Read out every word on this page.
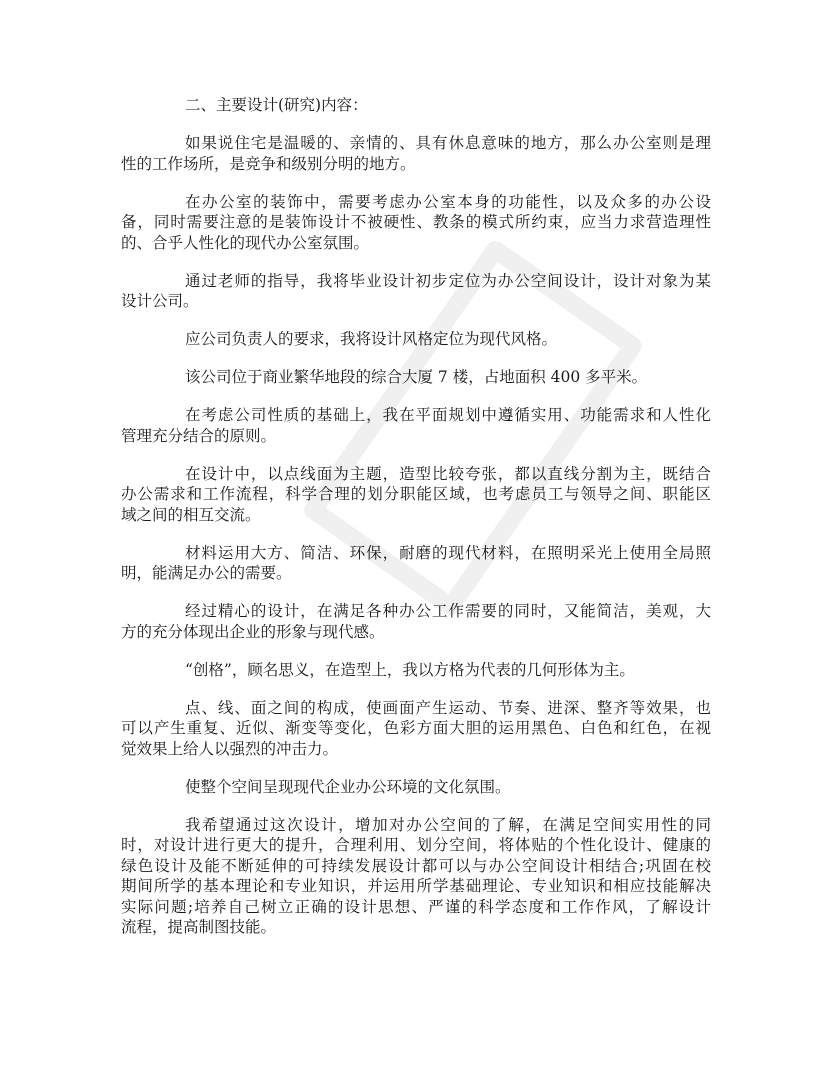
二、主要设计(研究)内容：
如果说住宅是温暖的、亲情的、具有休息意味的地方，那么办公室则是理
性的工作场所，是竞争和级别分明的地方。
在办公室的装饰中，需要考虑办公室本身的功能性，以及众多的办公设
备，同时需要注意的是装饰设计不被硬性、教条的模式所约束，应当力求营造理性
的、合乎人性化的现代办公室氛围。
通过老师的指导，我将毕业设计初步定位为办公空间设计，设计对象为某
设计公司。
应公司负责人的要求，我将设计风格定位为现代风格。
该公司位于商业繁华地段的综合大厦 7 楼，占地面积 400 多平米。
在考虑公司性质的基础上，我在平面规划中遵循实用、功能需求和人性化
管理充分结合的原则。
在设计中，以点线面为主题，造型比较夸张，都以直线分割为主，既结合
办公需求和工作流程，科学合理的划分职能区域，也考虑员工与领导之间、职能区
域之间的相互交流。
材料运用大方、简洁、环保，耐磨的现代材料，在照明采光上使用全局照
明，能满足办公的需要。
经过精心的设计，在满足各种办公工作需要的同时，又能简洁，美观，大
方的充分体现出企业的形象与现代感。
“创格”，顾名思义，在造型上，我以方格为代表的几何形体为主。
点、线、面之间的构成，使画面产生运动、节奏、进深、整齐等效果，也
可以产生重复、近似、渐变等变化，色彩方面大胆的运用黑色、白色和红色，在视
觉效果上给人以强烈的冲击力。
使整个空间呈现现代企业办公环境的文化氛围。
我希望通过这次设计，增加对办公空间的了解，在满足空间实用性的同
时，对设计进行更大的提升，合理利用、划分空间，将体贴的个性化设计、健康的
绿色设计及能不断延伸的可持续发展设计都可以与办公空间设计相结合;巩固在校
期间所学的基本理论和专业知识，并运用所学基础理论、专业知识和相应技能解决
实际问题;培养自己树立正确的设计思想、严谨的科学态度和工作作风，了解设计
流程，提高制图技能。
